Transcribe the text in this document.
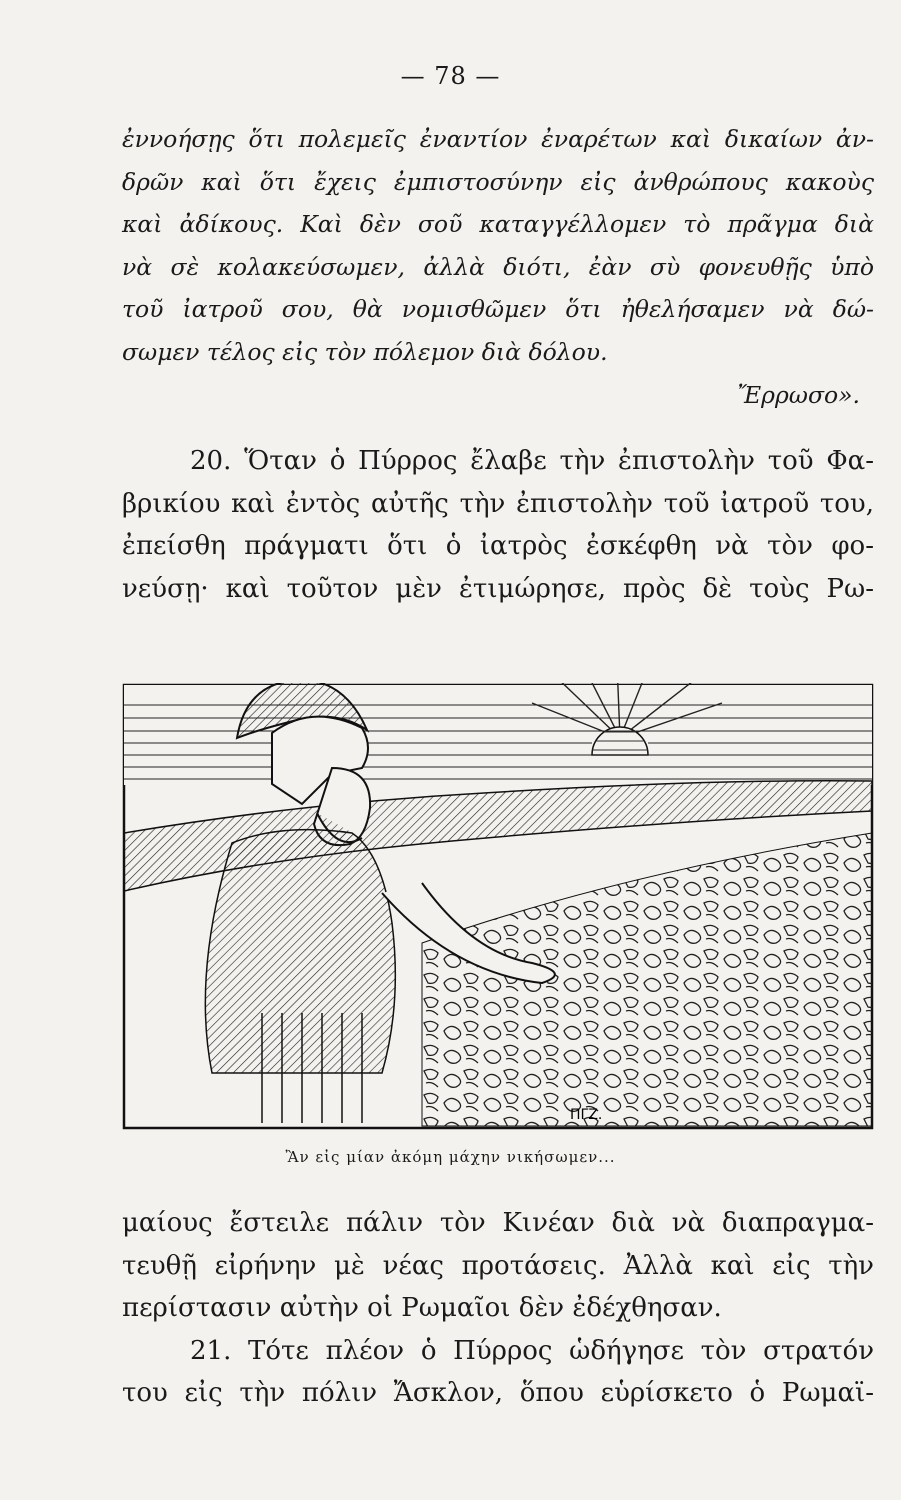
— 78 —
ἐννοήσῃς ὅτι πολεμεῖς ἐναντίον ἐναρέτων καὶ δικαίων ἀν-
δρῶν καὶ ὅτι ἔχεις ἐμπιστοσύνην εἰς ἀνθρώπους κακοὺς
καὶ ἀδίκους. Καὶ δὲν σοῦ καταγγέλλομεν τὸ πρᾶγμα διὰ
νὰ σὲ κολακεύσωμεν, ἀλλὰ διότι, ἐὰν σὺ φονευθῇς ὑπὸ
τοῦ ἰατροῦ σου, θὰ νομισθῶμεν ὅτι ἠθελήσαμεν νὰ δώ-
σωμεν τέλος εἰς τὸν πόλεμον διὰ δόλου.
Ἔρρωσο».
20. Ὅταν ὁ Πύρρος ἔλαβε τὴν ἐπιστολὴν τοῦ Φα-
βρικίου καὶ ἐντὸς αὐτῆς τὴν ἐπιστολὴν τοῦ ἰατροῦ του,
ἐπείσθη πράγματι ὅτι ὁ ἰατρὸς ἐσκέφθη νὰ τὸν φο-
νεύσῃ· καὶ τοῦτον μὲν ἐτιμώρησε, πρὸς δὲ τοὺς Ρω-
ΠΓΖ.
Ἂν εἰς μίαν ἀκόμη μάχην νικήσωμεν...
μαίους ἔστειλε πάλιν τὸν Κινέαν διὰ νὰ διαπραγμα-
τευθῇ εἰρήνην μὲ νέας προτάσεις. Ἀλλὰ καὶ εἰς τὴν
περίστασιν αὐτὴν οἱ Ρωμαῖοι δὲν ἐδέχθησαν.
21. Τότε πλέον ὁ Πύρρος ὡδήγησε τὸν στρατόν
του εἰς τὴν πόλιν Ἄσκλον, ὅπου εὑρίσκετο ὁ Ρωμαϊ-
